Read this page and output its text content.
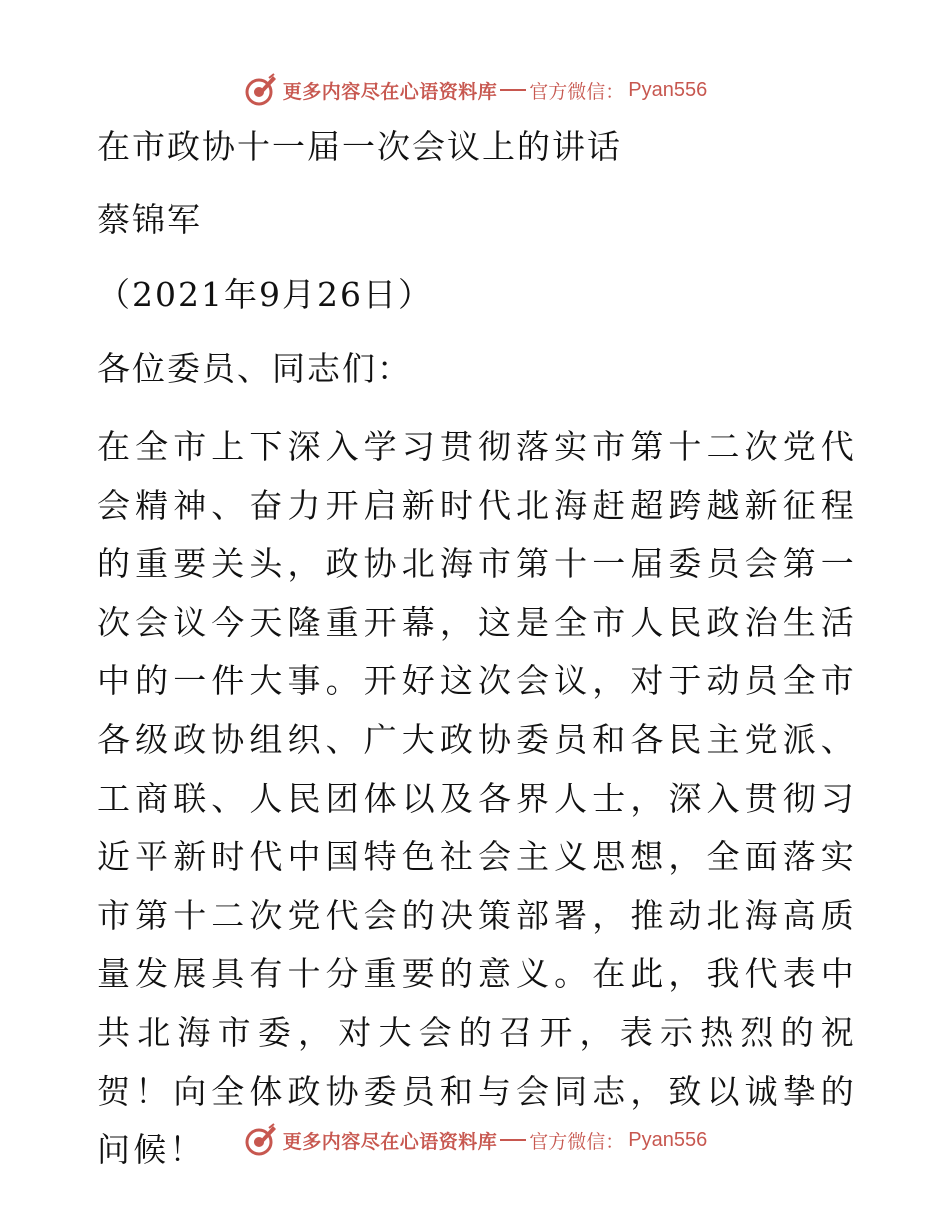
更多内容尽在心语资料库 官方微信： Pyan556
在市政协十一届一次会议上的讲话
蔡锦军
（2021年9月26日）
各位委员、同志们：
在全市上下深入学习贯彻落实市第十二次党代会精神、奋力开启新时代北海赶超跨越新征程的重要关头，政协北海市第十一届委员会第一次会议今天隆重开幕，这是全市人民政治生活中的一件大事。开好这次会议，对于动员全市各级政协组织、广大政协委员和各民主党派、工商联、人民团体以及各界人士，深入贯彻习近平新时代中国特色社会主义思想，全面落实市第十二次党代会的决策部署，推动北海高质量发展具有十分重要的意义。在此，我代表中共北海市委，对大会的召开，表示热烈的祝贺！向全体政协委员和与会同志，致以诚挚的问候！	更多内容尽在心语资料库 官方微信： Pyan556
